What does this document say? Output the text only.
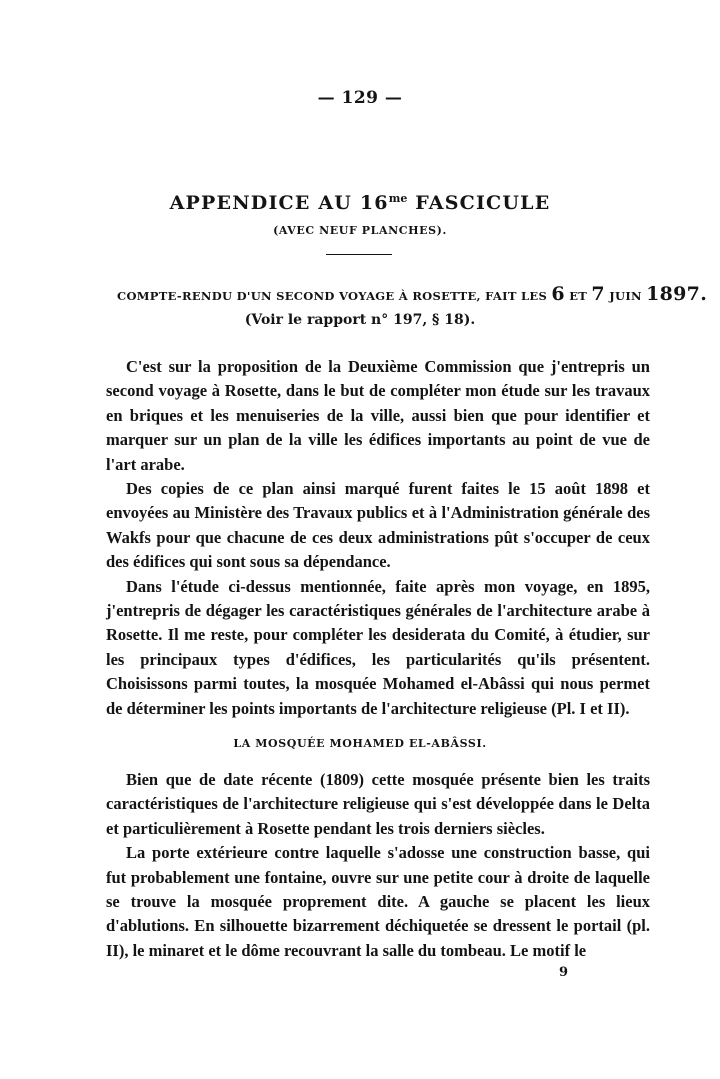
— 129 —
APPENDICE AU $16^{me}$ FASCICULE
(AVEC NEUF PLANCHES).
COMPTE-RENDU D'UN SECOND VOYAGE À ROSETTE, FAIT LES 6 ET 7 JUIN 1897.
(Voir le rapport n° 197, § 18).

C'est sur la proposition de la Deuxième Commission que j'entrepris un second voyage à Rosette, dans le but de compléter mon étude sur les travaux en briques et les menuiseries de la ville, aussi bien que pour identifier et marquer sur un plan de la ville les édifices importants au point de vue de l'art arabe.

Des copies de ce plan ainsi marqué furent faites le 15 août 1898 et envoyées au Ministère des Travaux publics et à l'Administration générale des Wakfs pour que chacune de ces deux administrations pût s'occuper de ceux des édifices qui sont sous sa dépendance.

Dans l'étude ci-dessus mentionnée, faite après mon voyage, en 1895, j'entrepris de dégager les caractéristiques générales de l'architecture arabe à Rosette. Il me reste, pour compléter les desiderata du Comité, à étudier, sur les principaux types d'édifices, les particularités qu'ils présentent. Choisissons parmi toutes, la mosquée Mohamed el-Abâssi qui nous permet de déterminer les points importants de l'architecture religieuse (Pl. I et II).

LA MOSQUÉE MOHAMED EL-ABÂSSI.

Bien que de date récente (1809) cette mosquée présente bien les traits caractéristiques de l'architecture religieuse qui s'est développée dans le Delta et particulièrement à Rosette pendant les trois derniers siècles.

La porte extérieure contre laquelle s'adosse une construction basse, qui fut probablement une fontaine, ouvre sur une petite cour à droite de laquelle se trouve la mosquée proprement dite. A gauche se placent les lieux d'ablutions. En silhouette bizarrement déchiquetée se dressent le portail (pl. II), le minaret et le dôme recouvrant la salle du tombeau. Le motif le

9
